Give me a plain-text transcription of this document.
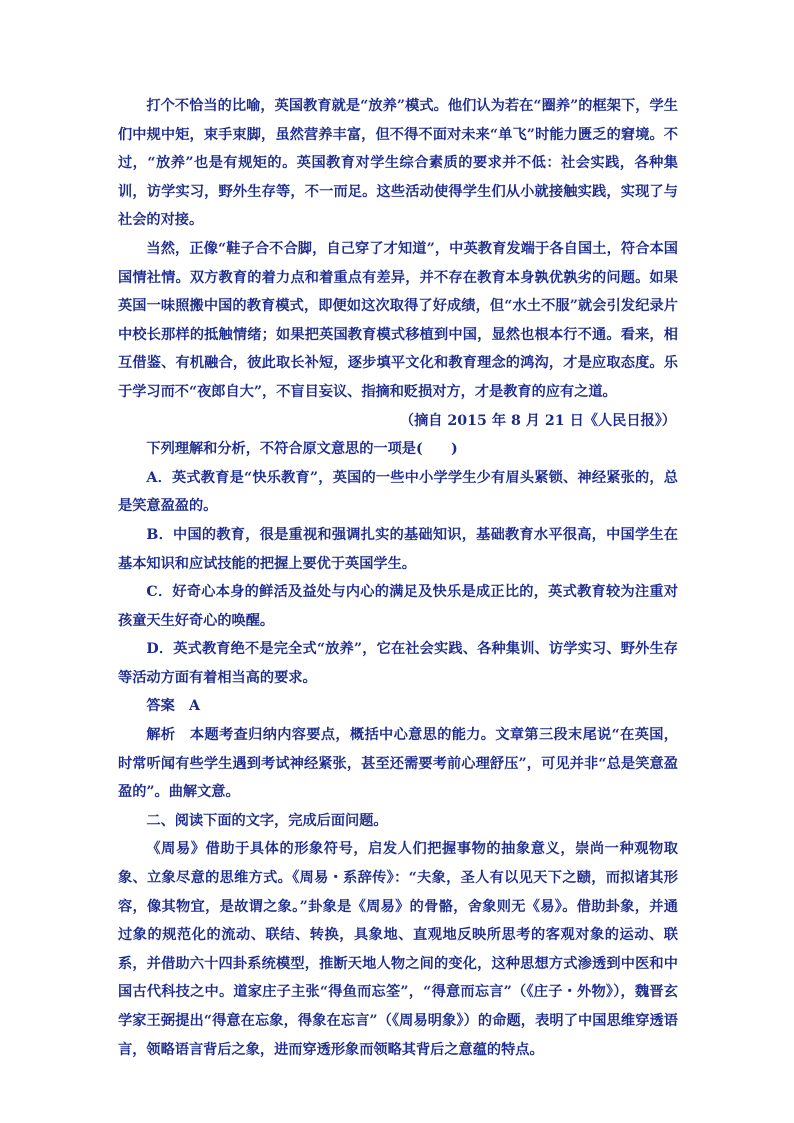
打个不恰当的比喻，英国教育就是“放养”模式。他们认为若在“圈养”的框架下，学生们中规中矩，束手束脚，虽然营养丰富，但不得不面对未来“单飞”时能力匮乏的窘境。不过，“放养”也是有规矩的。英国教育对学生综合素质的要求并不低：社会实践，各种集训，访学实习，野外生存等，不一而足。这些活动使得学生们从小就接触实践，实现了与社会的对接。

当然，正像“鞋子合不合脚，自己穿了才知道”，中英教育发端于各自国土，符合本国国情社情。双方教育的着力点和着重点有差异，并不存在教育本身孰优孰劣的问题。如果英国一味照搬中国的教育模式，即便如这次取得了好成绩，但“水土不服”就会引发纪录片中校长那样的抵触情绪；如果把英国教育模式移植到中国，显然也根本行不通。看来，相互借鉴、有机融合，彼此取长补短，逐步填平文化和教育理念的鸿沟，才是应取态度。乐于学习而不“夜郎自大”，不盲目妄议、指摘和贬损对方，才是教育的应有之道。

（摘自 2015 年 8 月 21 日《人民日报》）

下列理解和分析，不符合原文意思的一项是(　　)

A．英式教育是“快乐教育”，英国的一些中小学学生少有眉头紧锁、神经紧张的，总是笑意盈盈的。

B．中国的教育，很是重视和强调扎实的基础知识，基础教育水平很高，中国学生在基本知识和应试技能的把握上要优于英国学生。

C．好奇心本身的鲜活及益处与内心的满足及快乐是成正比的，英式教育较为注重对孩童天生好奇心的唤醒。

D．英式教育绝不是完全式“放养”，它在社会实践、各种集训、访学实习、野外生存等活动方面有着相当高的要求。

答案　A

解析　本题考查归纳内容要点，概括中心意思的能力。文章第三段末尾说“在英国，时常听闻有些学生遇到考试神经紧张，甚至还需要考前心理舒压”，可见并非“总是笑意盈盈的”。曲解文意。

二、阅读下面的文字，完成后面问题。

《周易》借助于具体的形象符号，启发人们把握事物的抽象意义，崇尚一种观物取象、立象尽意的思维方式。《周易・系辞传》：“夫象，圣人有以见天下之赜，而拟诸其形容，像其物宜，是故谓之象。”卦象是《周易》的骨骼，舍象则无《易》。借助卦象，并通过象的规范化的流动、联结、转换，具象地、直观地反映所思考的客观对象的运动、联系，并借助六十四卦系统模型，推断天地人物之间的变化，这种思想方式渗透到中医和中国古代科技之中。道家庄子主张“得鱼而忘筌”，“得意而忘言”（《庄子・外物》），魏晋玄学家王弼提出“得意在忘象，得象在忘言”（《周易明象》）的命题，表明了中国思维穿透语言，领略语言背后之象，进而穿透形象而领略其背后之意蕴的特点。
